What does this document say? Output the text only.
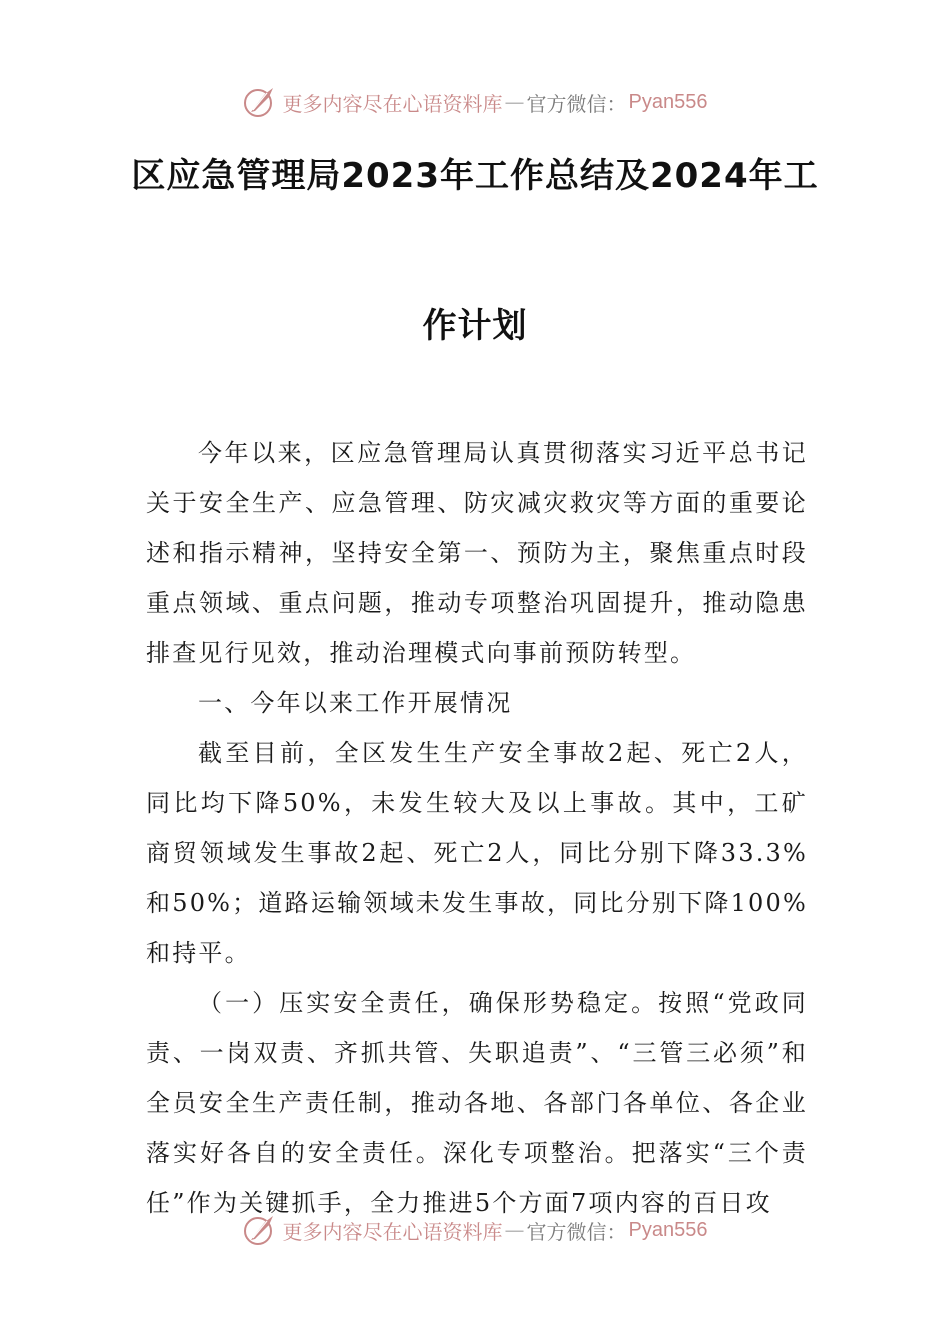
更多内容尽在心语资料库 — 官方微信： Pyan556
区应急管理局2023年工作总结及2024年工
作计划

今年以来，区应急管理局认真贯彻落实习近平总书记关于安全生产、应急管理、防灾减灾救灾等方面的重要论述和指示精神，坚持安全第一、预防为主，聚焦重点时段重点领域、重点问题，推动专项整治巩固提升，推动隐患排查见行见效，推动治理模式向事前预防转型。

一、今年以来工作开展情况

截至目前，全区发生生产安全事故2起、死亡2人，同比均下降50%，未发生较大及以上事故。其中，工矿商贸领域发生事故2起、死亡2人，同比分别下降33.3%和50%；道路运输领域未发生事故，同比分别下降100%和持平。

（一）压实安全责任，确保形势稳定。按照“党政同责、一岗双责、齐抓共管、失职追责”、“三管三必须”和全员安全生产责任制，推动各地、各部门各单位、各企业落实好各自的安全责任。深化专项整治。把落实“三个责任”作为关键抓手，全力推进5个方面7项内容的百日攻

更多内容尽在心语资料库 — 官方微信： Pyan556
